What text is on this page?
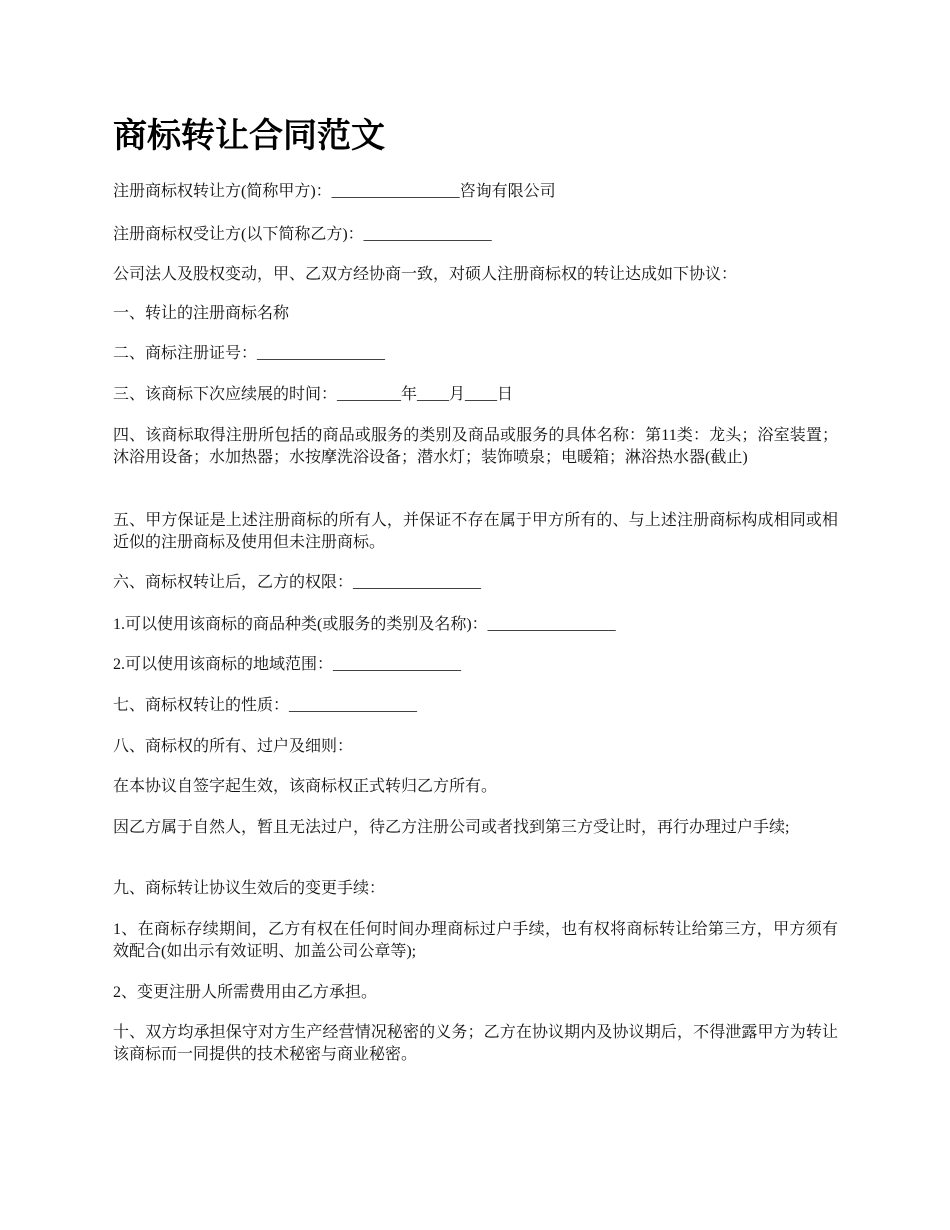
商标转让合同范文

注册商标权转让方(简称甲方)：________________咨询有限公司

注册商标权受让方(以下简称乙方)：________________

公司法人及股权变动，甲、乙双方经协商一致，对硕人注册商标权的转让达成如下协议：

一、转让的注册商标名称

二、商标注册证号：________________

三、该商标下次应续展的时间：________年____月____日

四、该商标取得注册所包括的商品或服务的类别及商品或服务的具体名称：第11类：龙头；浴室装置；沐浴用设备；水加热器；水按摩洗浴设备；潜水灯；装饰喷泉；电暖箱；淋浴热水器(截止)

五、甲方保证是上述注册商标的所有人，并保证不存在属于甲方所有的、与上述注册商标构成相同或相近似的注册商标及使用但未注册商标。

六、商标权转让后，乙方的权限：________________

1.可以使用该商标的商品种类(或服务的类别及名称)：________________

2.可以使用该商标的地域范围：________________

七、商标权转让的性质：________________

八、商标权的所有、过户及细则：

在本协议自签字起生效，该商标权正式转归乙方所有。

因乙方属于自然人，暂且无法过户，待乙方注册公司或者找到第三方受让时，再行办理过户手续;

九、商标转让协议生效后的变更手续：

1、在商标存续期间，乙方有权在任何时间办理商标过户手续，也有权将商标转让给第三方，甲方须有效配合(如出示有效证明、加盖公司公章等);

2、变更注册人所需费用由乙方承担。

十、双方均承担保守对方生产经营情况秘密的义务；乙方在协议期内及协议期后，不得泄露甲方为转让该商标而一同提供的技术秘密与商业秘密。
